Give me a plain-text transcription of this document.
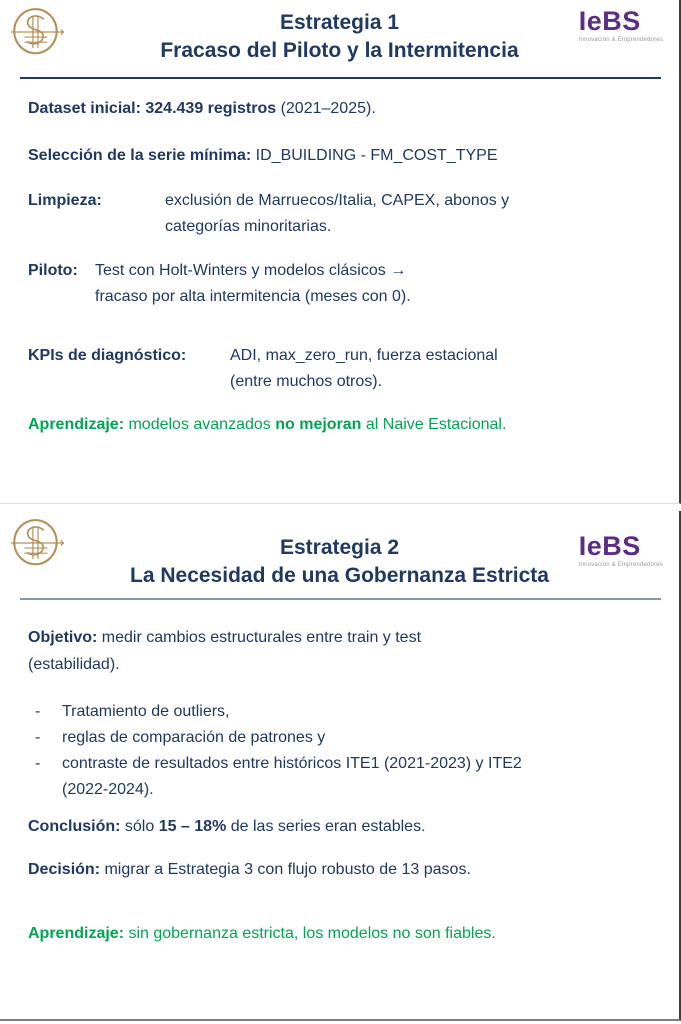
Estrategia 1
Fracaso del Piloto y la Intermitencia
IeBS
Innovación & Emprendedores
Dataset inicial: 324.439 registros (2021–2025).
Selección de la serie mínima: ID_BUILDING - FM_COST_TYPE
Limpieza:	exclusión de Marruecos/Italia, CAPEX, abonos y
categorías minoritarias.
Piloto: Test con Holt-Winters y modelos clásicos →
fracaso por alta intermitencia (meses con 0).
KPIs de diagnóstico:	ADI, max_zero_run, fuerza estacional
(entre muchos otros).
Aprendizaje: modelos avanzados no mejoran al Naive Estacional.
Estrategia 2
La Necesidad de una Gobernanza Estricta
IeBS
Innovación & Emprendedores
Objetivo: medir cambios estructurales entre train y test
(estabilidad).
-	Tratamiento de outliers,
-	reglas de comparación de patrones y
-	contraste de resultados entre históricos ITE1 (2021-2023) y ITE2
(2022-2024).
Conclusión: sólo 15 – 18% de las series eran estables.
Decisión: migrar a Estrategia 3 con flujo robusto de 13 pasos.
Aprendizaje: sin gobernanza estricta, los modelos no son fiables.
